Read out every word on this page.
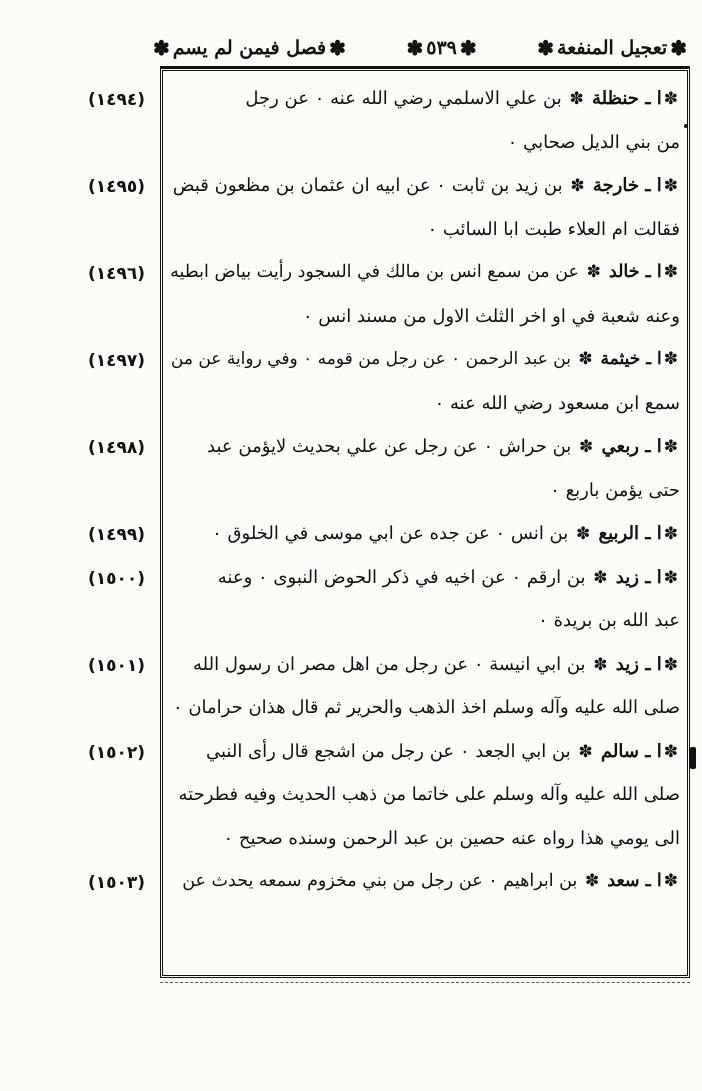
✽
تعجيل المنفعة
✽
✽
٥٣٩
✽
✽
فصل فيمن لم يسم
✽
(١٤٩٤)	✽ا ـ حنظلة ✽ بن علي الاسلمي رضي الله عنه ٠ عن رجل
من بني الديل صحابي ٠
(١٤٩٥)	✽ا ـ خارجة ✽ بن زيد بن ثابت ٠ عن ابيه ان عثمان بن مظعون قبض
فقالت ام العلاء طبت ابا السائب ٠
(١٤٩٦)	✽ا ـ خالد ✽ عن من سمع انس بن مالك في السجود رأيت بياض ابطيه
وعنه شعبة في او اخر الثلث الاول من مسند انس ٠
(١٤٩٧)	✽ا ـ خيثمة ✽ بن عبد الرحمن ٠ عن رجل من قومه ٠ وفي رواية عن من
سمع ابن مسعود رضي الله عنه ٠
(١٤٩٨)	✽ا ـ ربعي ✽ بن حراش ٠ عن رجل عن علي بحديث لايؤمن عبد
حتى يؤمن باربع ٠
(١٤٩٩)	✽ا ـ الربيع ✽ بن انس ٠ عن جده عن ابي موسى في الخلوق ٠
(١٥٠٠)	✽ا ـ زيد ✽ بن ارقم ٠ عن اخيه في ذكر الحوض النبوى ٠ وعنه
عبد الله بن بريدة ٠
(١٥٠١)	✽ا ـ زيد ✽ بن ابي انيسة ٠ عن رجل من اهل مصر ان رسول الله
صلى الله عليه وآله وسلم اخذ الذهب والحرير ثم قال هذان حرامان ٠
(١٥٠٢)	✽ا ـ سالم ✽ بن ابي الجعد ٠ عن رجل من اشجع قال رأى النبي
صلى الله عليه وآله وسلم على خاتما من ذهب الحديث وفيه فطرحته
الى يومي هذا رواه عنه حصين بن عبد الرحمن وسنده صحيح ٠
(١٥٠٣)	✽ا ـ سعد ✽ بن ابراهيم ٠ عن رجل من بني مخزوم سمعه يحدث عن
